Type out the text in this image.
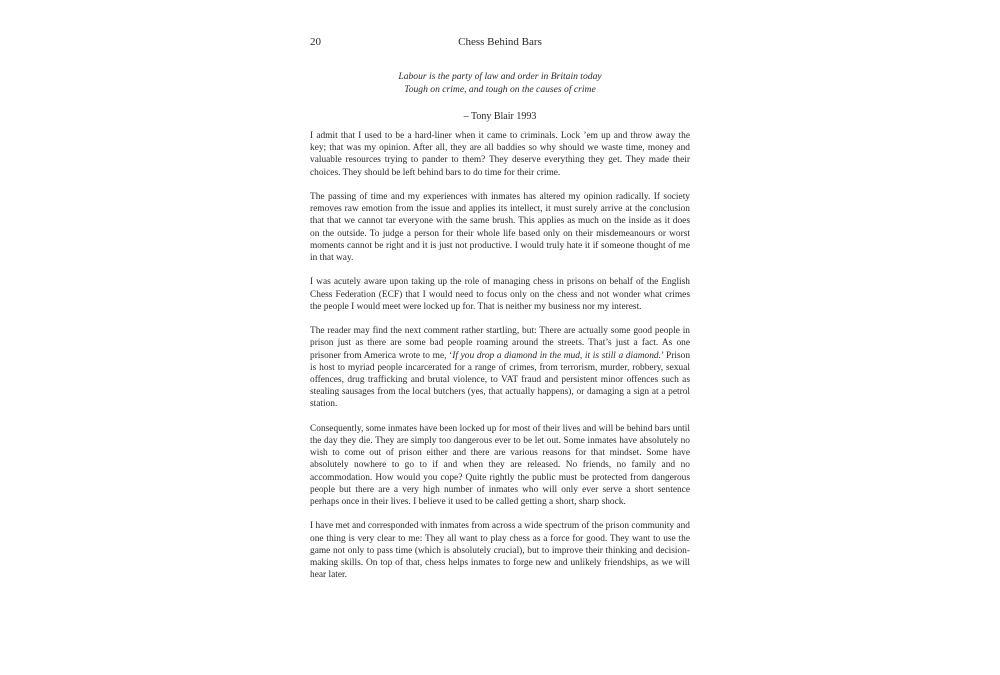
20	Chess Behind Bars
Labour is the party of law and order in Britain today
Tough on crime, and tough on the causes of crime
– Tony Blair 1993

I admit that I used to be a hard-liner when it came to criminals. Lock ’em up and throw away the key; that was my opinion. After all, they are all baddies so why should we waste time, money and valuable resources trying to pander to them? They deserve everything they get. They made their choices. They should be left behind bars to do time for their crime.

The passing of time and my experiences with inmates has altered my opinion radically. If society removes raw emotion from the issue and applies its intellect, it must surely arrive at the conclusion that that we cannot tar everyone with the same brush. This applies as much on the inside as it does on the outside. To judge a person for their whole life based only on their misdemeanours or worst moments cannot be right and it is just not productive. I would truly hate it if someone thought of me in that way.

I was acutely aware upon taking up the role of managing chess in prisons on behalf of the English Chess Federation (ECF) that I would need to focus only on the chess and not wonder what crimes the people I would meet were locked up for. That is neither my business nor my interest.

The reader may find the next comment rather startling, but: There are actually some good people in prison just as there are some bad people roaming around the streets. That’s just a fact. As one prisoner from America wrote to me, ‘If you drop a diamond in the mud, it is still a diamond.’ Prison is host to myriad people incarcerated for a range of crimes, from terrorism, murder, robbery, sexual offences, drug trafficking and brutal violence, to VAT fraud and persistent minor offences such as stealing sausages from the local butchers (yes, that actually happens), or damaging a sign at a petrol station.

Consequently, some inmates have been locked up for most of their lives and will be behind bars until the day they die. They are simply too dangerous ever to be let out. Some inmates have absolutely no wish to come out of prison either and there are various reasons for that mindset. Some have absolutely nowhere to go to if and when they are released. No friends, no family and no accommodation. How would you cope? Quite rightly the public must be protected from dangerous people but there are a very high number of inmates who will only ever serve a short sentence perhaps once in their lives. I believe it used to be called getting a short, sharp shock.

I have met and corresponded with inmates from across a wide spectrum of the prison community and one thing is very clear to me: They all want to play chess as a force for good. They want to use the game not only to pass time (which is absolutely crucial), but to improve their thinking and decision-making skills. On top of that, chess helps inmates to forge new and unlikely friendships, as we will hear later.
